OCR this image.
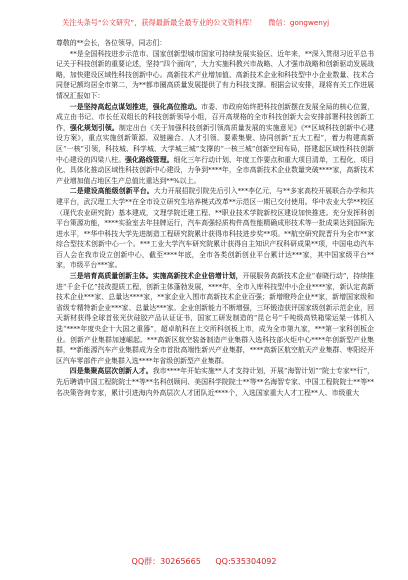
关注头条号“公文研究”，获得最新最全最专业的公文资料库！ 微信：gongwenyj

尊敬的**会长，各位领导，同志们：

**是全国科技进步示范市、国家创新型城市国家可持续发展实验区、近年来，**深入贯彻习近平总书记关于科技创新的重要论述，坚持“四个面向”，大力实施科教兴市战略、人才强市战略和创新驱动发展战略，加快建设区域性科技创新中心。高新技术产业增加值、高新技术企业和科技型中小企业数量、技术合同登记额均居全市第二，为**都市圈高质量发展提供了有力科技支撑。根据会议安排，现将有关工作进展情况汇报如下：

一是坚持高起点谋划推进，强化高位推动。市委、市政府始终把科技创新摆在发展全局的核心位置，成立由书记、市长任双组长的科技创新领导小组，召开高规格的全市科技创新大会安排部署科技创新工作，强化规划引领。制定出台《关于加强科技创新引领高质量发展的实施意见》《**区域科技创新中心建设方案》，重点实施创新策源、双链融合、人才引领、要素集聚、协同创新“五大工程”，着力构建高新区“一核”引领，科技城、科学城、大学城三城”支撑的“一核三城”创新空间布局，搭建起区域性科技创新中心建设的四梁八柱。强化路线管理。细化三年行动计划、年度工作要点和重大项目清单，工程化、项目化、具体化推动区域性科技创新中心建设，力争到****年，全市高新技术企业数量突破****家，高新技术产业增加值占地区生产总值比重达到**%以上。

二是建设高能级创新平台。大力开展招院引院先后引入***李亿元，与**多家高校开展联合办学和共建平台，武汉理工大学**在全市设立研究生培养模式改革**示范区一期已交付使用。华中农业大学**校区（现代农业研究院）基本建成，文理学院迁建工程、**职业技术学院新校区建设加快推进。充分发挥科创平台策源功能，****实验室去年挂牌运行，汽车高强轻质构件高性能精确成形技术等一批成果达到国际先进水平，**华中科技大学先进制造工程研究院累计获得市科技进步奖**项。**航空研究院晋升为全市**家综合型技术创新中心一个。***工业大学汽车研究院累计获得自主知识产权科研成果**项，中国电动汽车百人会在我市设立创新中心，截至****年底，全市各类创新创业平台累计达***家，其中国家级平台**家，市级平台***家。

三是培育高质量创新主体。实施高新技术企业倍增计划，开展服务高新技术企业“春晓行动”，持续推进“千企千亿”技改提质工程，创新主体蓬勃发展，****年，全市入库科技型中小企业****家，新认定高新技术企业***家、总量达****家，**家企业入围市高新技术企业百强；新增瞪羚企业**家，新增国家级和省级专精特新企业***家、总量达***家。企业创新能力不断增强，三环锻造获评国家级创新示范企业，回天新材获得全球首张光伏硅胶产品认证证书，国家工研发制造的“昆仑号”千吨级高铁箱梁运架一体机入选“****年度央企十大国之重器”，超卓航科在上交所科创板上市，成为全市第九家，***第一家科创板企业。创新产业集群加速崛起。***高新区航空装备制造产业集群入选科技部火炬中心****年创新型产业集群，**新能源汽车产业集群成为全市首批高端性新兴产业集群，****高新区航空航天产业集群、枣阳经开区汽车零部件产业集群入选****年省级创新型产业集群。

四是集聚高层次创新人才。我市****年开始实施**人才支持计划，开展“海智计划”“院士专家**行”，先后聘请中国工程院院士**等**名科创顾问、美国科学院院士**等**名海智专家、中国工程院院士**等**名决策咨询专家，累计引进海内外高层次人才团队近****个，入选国家重大人才工程**人、市级重大

QQ群：30265665 QQ:535304092
